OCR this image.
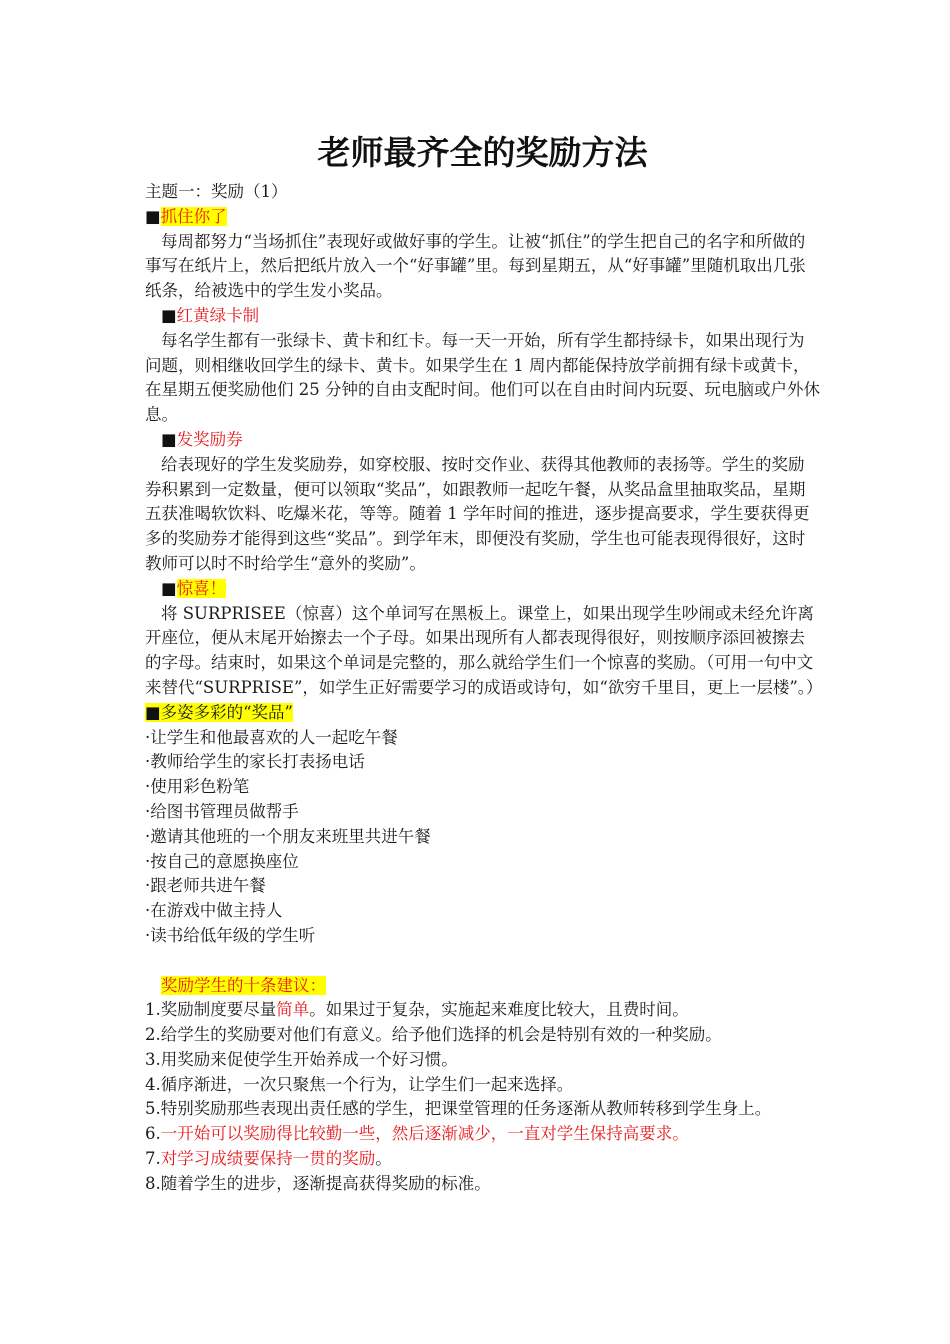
老师最齐全的奖励方法

主题一：奖励（1）

■抓住你了

每周都努力“当场抓住”表现好或做好事的学生。让被“抓住”的学生把自己的名字和所做的事写在纸片上，然后把纸片放入一个“好事罐”里。每到星期五，从“好事罐”里随机取出几张纸条，给被选中的学生发小奖品。

■红黄绿卡制

每名学生都有一张绿卡、黄卡和红卡。每一天一开始，所有学生都持绿卡，如果出现行为问题，则相继收回学生的绿卡、黄卡。如果学生在 1 周内都能保持放学前拥有绿卡或黄卡，在星期五便奖励他们 25 分钟的自由支配时间。他们可以在自由时间内玩耍、玩电脑或户外休息。

■发奖励券

给表现好的学生发奖励券，如穿校服、按时交作业、获得其他教师的表扬等。学生的奖励券积累到一定数量，便可以领取“奖品”，如跟教师一起吃午餐，从奖品盒里抽取奖品，星期五获准喝软饮料、吃爆米花，等等。随着 1 学年时间的推进，逐步提高要求，学生要获得更多的奖励券才能得到这些“奖品”。到学年末，即便没有奖励，学生也可能表现得很好，这时教师可以时不时给学生“意外的奖励”。

■惊喜！

将 SURPRISEE（惊喜）这个单词写在黑板上。课堂上，如果出现学生吵闹或未经允许离开座位，便从末尾开始擦去一个子母。如果出现所有人都表现得很好，则按顺序添回被擦去的字母。结束时，如果这个单词是完整的，那么就给学生们一个惊喜的奖励。（可用一句中文来替代“SURPRISE”，如学生正好需要学习的成语或诗句，如“欲穷千里目，更上一层楼”。）

■多姿多彩的“奖品”

·让学生和他最喜欢的人一起吃午餐

·教师给学生的家长打表扬电话

·使用彩色粉笔

·给图书管理员做帮手

·邀请其他班的一个朋友来班里共进午餐

·按自己的意愿换座位

·跟老师共进午餐

·在游戏中做主持人

·读书给低年级的学生听

奖励学生的十条建议：

1.奖励制度要尽量简单。如果过于复杂，实施起来难度比较大，且费时间。

2.给学生的奖励要对他们有意义。给予他们选择的机会是特别有效的一种奖励。

3.用奖励来促使学生开始养成一个好习惯。

4.循序渐进，一次只聚焦一个行为，让学生们一起来选择。

5.特别奖励那些表现出责任感的学生，把课堂管理的任务逐渐从教师转移到学生身上。

6.一开始可以奖励得比较勤一些，然后逐渐减少，一直对学生保持高要求。

7.对学习成绩要保持一贯的奖励。

8.随着学生的进步，逐渐提高获得奖励的标准。
